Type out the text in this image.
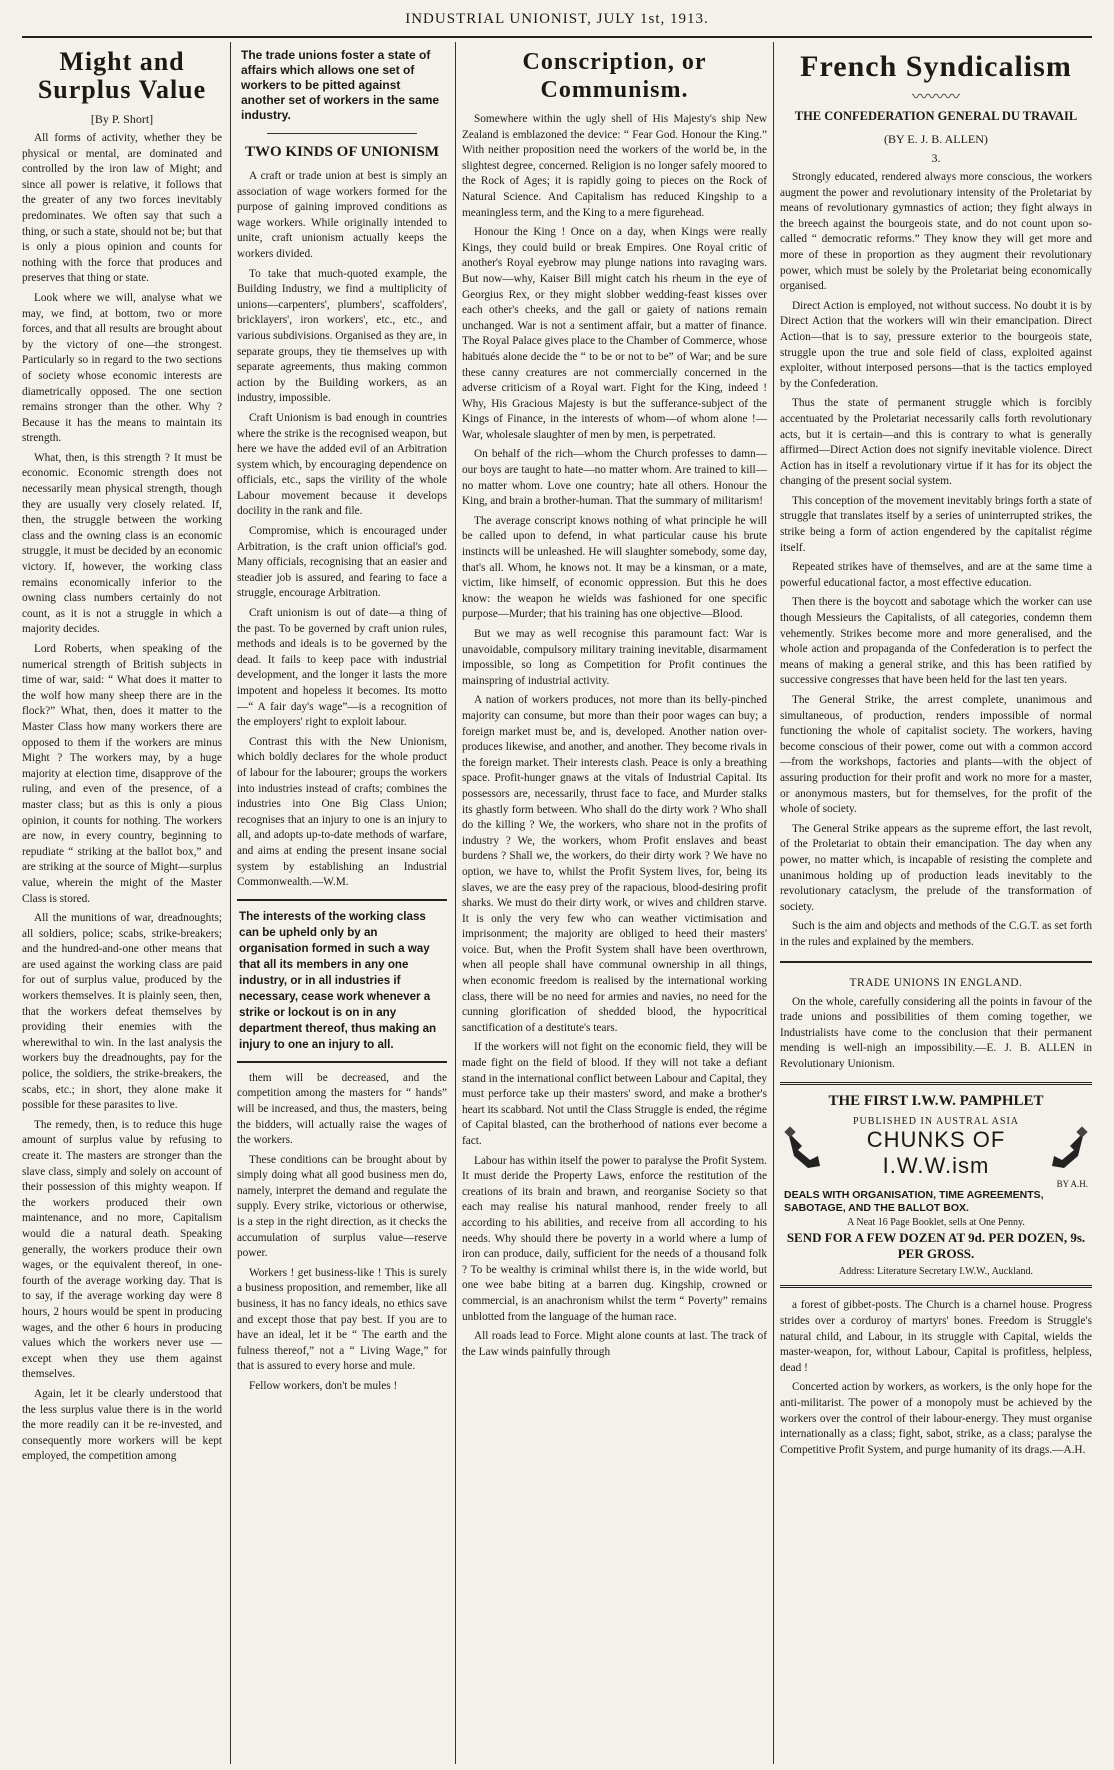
INDUSTRIAL UNIONIST, JULY 1st, 1913.
Might and Surplus Value
[By P. Short]

All forms of activity, whether they be physical or mental, are dominated and controlled by the iron law of Might; and since all power is relative, it follows that the greater of any two forces inevitably predominates. We often say that such a thing, or such a state, should not be; but that is only a pious opinion and counts for nothing with the force that produces and preserves that thing or state.

Look where we will, analyse what we may, we find, at bottom, two or more forces, and that all results are brought about by the victory of one—the strongest. Particularly so in regard to the two sections of society whose economic interests are diametrically opposed. The one section remains stronger than the other. Why ? Because it has the means to maintain its strength.

What, then, is this strength ? It must be economic. Economic strength does not necessarily mean physical strength, though they are usually very closely related. If, then, the struggle between the working class and the owning class is an economic struggle, it must be decided by an economic victory. If, however, the working class remains economically inferior to the owning class numbers certainly do not count, as it is not a struggle in which a majority decides.

Lord Roberts, when speaking of the numerical strength of British subjects in time of war, said: “ What does it matter to the wolf how many sheep there are in the flock?” What, then, does it matter to the Master Class how many workers there are opposed to them if the workers are minus Might ? The workers may, by a huge majority at election time, disapprove of the ruling, and even of the presence, of a master class; but as this is only a pious opinion, it counts for nothing. The workers are now, in every country, beginning to repudiate “ striking at the ballot box,” and are striking at the source of Might—surplus value, wherein the might of the Master Class is stored.

All the munitions of war, dreadnoughts; all soldiers, police; scabs, strike-breakers; and the hundred-and-one other means that are used against the working class are paid for out of surplus value, produced by the workers themselves. It is plainly seen, then, that the workers defeat themselves by providing their enemies with the wherewithal to win. In the last analysis the workers buy the dreadnoughts, pay for the police, the soldiers, the strike-breakers, the scabs, etc.; in short, they alone make it possible for these parasites to live.

The remedy, then, is to reduce this huge amount of surplus value by refusing to create it. The masters are stronger than the slave class, simply and solely on account of their possession of this mighty weapon. If the workers produced their own maintenance, and no more, Capitalism would die a natural death. Speaking generally, the workers produce their own wages, or the equivalent thereof, in one-fourth of the average working day. That is to say, if the average working day were 8 hours, 2 hours would be spent in producing wages, and the other 6 hours in producing values which the workers never use —except when they use them against themselves.

Again, let it be clearly understood that the less surplus value there is in the world the more readily can it be re-invested, and consequently more workers will be kept employed, the competition among

The trade unions foster a state of affairs which allows one set of workers to be pitted against another set of workers in the same industry.
TWO KINDS OF UNIONISM

A craft or trade union at best is simply an association of wage workers formed for the purpose of gaining improved conditions as wage workers. While originally intended to unite, craft unionism actually keeps the workers divided.

To take that much-quoted example, the Building Industry, we find a multiplicity of unions—carpenters', plumbers', scaffolders', bricklayers', iron workers', etc., etc., and various subdivisions. Organised as they are, in separate groups, they tie themselves up with separate agreements, thus making common action by the Building workers, as an industry, impossible.

Craft Unionism is bad enough in countries where the strike is the recognised weapon, but here we have the added evil of an Arbitration system which, by encouraging dependence on officials, etc., saps the virility of the whole Labour movement because it develops docility in the rank and file.

Compromise, which is encouraged under Arbitration, is the craft union official's god. Many officials, recognising that an easier and steadier job is assured, and fearing to face a struggle, encourage Arbitration.

Craft unionism is out of date—a thing of the past. To be governed by craft union rules, methods and ideals is to be governed by the dead. It fails to keep pace with industrial development, and the longer it lasts the more impotent and hopeless it becomes. Its motto—“ A fair day's wage”—is a recognition of the employers' right to exploit labour.

Contrast this with the New Unionism, which boldly declares for the whole product of labour for the labourer; groups the workers into industries instead of crafts; combines the industries into One Big Class Union; recognises that an injury to one is an injury to all, and adopts up-to-date methods of warfare, and aims at ending the present insane social system by establishing an Industrial Commonwealth.—W.M.

The interests of the working class can be upheld only by an organisation formed in such a way that all its members in any one industry, or in all industries if necessary, cease work whenever a strike or lockout is on in any department thereof, thus making an injury to one an injury to all.

them will be decreased, and the competition among the masters for “ hands” will be increased, and thus, the masters, being the bidders, will actually raise the wages of the workers.

These conditions can be brought about by simply doing what all good business men do, namely, interpret the demand and regulate the supply. Every strike, victorious or otherwise, is a step in the right direction, as it checks the accumulation of surplus value—reserve power.

Workers ! get business-like ! This is surely a business proposition, and remember, like all business, it has no fancy ideals, no ethics save and except those that pay best. If you are to have an ideal, let it be “ The earth and the fulness thereof,” not a “ Living Wage,” for that is assured to every horse and mule.

Fellow workers, don't be mules !

Conscription, or Communism.

Somewhere within the ugly shell of His Majesty's ship New Zealand is emblazoned the device: “ Fear God. Honour the King.” With neither proposition need the workers of the world be, in the slightest degree, concerned. Religion is no longer safely moored to the Rock of Ages; it is rapidly going to pieces on the Rock of Natural Science. And Capitalism has reduced Kingship to a meaningless term, and the King to a mere figurehead.

Honour the King ! Once on a day, when Kings were really Kings, they could build or break Empires. One Royal critic of another's Royal eyebrow may plunge nations into ravaging wars. But now—why, Kaiser Bill might catch his rheum in the eye of Georgius Rex, or they might slobber wedding-feast kisses over each other's cheeks, and the gall or gaiety of nations remain unchanged. War is not a sentiment affair, but a matter of finance. The Royal Palace gives place to the Chamber of Commerce, whose habitués alone decide the “ to be or not to be” of War; and be sure these canny creatures are not commercially concerned in the adverse criticism of a Royal wart. Fight for the King, indeed ! Why, His Gracious Majesty is but the sufferance-subject of the Kings of Finance, in the interests of whom—of whom alone !—War, wholesale slaughter of men by men, is perpetrated.

On behalf of the rich—whom the Church professes to damn—our boys are taught to hate—no matter whom. Are trained to kill—no matter whom. Love one country; hate all others. Honour the King, and brain a brother-human. That the summary of militarism!

The average conscript knows nothing of what principle he will be called upon to defend, in what particular cause his brute instincts will be unleashed. He will slaughter somebody, some day, that's all. Whom, he knows not. It may be a kinsman, or a mate, victim, like himself, of economic oppression. But this he does know: the weapon he wields was fashioned for one specific purpose—Murder; that his training has one objective—Blood.

But we may as well recognise this paramount fact: War is unavoidable, compulsory military training inevitable, disarmament impossible, so long as Competition for Profit continues the mainspring of industrial activity.

A nation of workers produces, not more than its belly-pinched majority can consume, but more than their poor wages can buy; a foreign market must be, and is, developed. Another nation over-produces likewise, and another, and another. They become rivals in the foreign market. Their interests clash. Peace is only a breathing space. Profit-hunger gnaws at the vitals of Industrial Capital. Its possessors are, necessarily, thrust face to face, and Murder stalks its ghastly form between. Who shall do the dirty work ? Who shall do the killing ? We, the workers, who share not in the profits of industry ? We, the workers, whom Profit enslaves and beast burdens ? Shall we, the workers, do their dirty work ? We have no option, we have to, whilst the Profit System lives, for, being its slaves, we are the easy prey of the rapacious, blood-desiring profit sharks. We must do their dirty work, or wives and children starve. It is only the very few who can weather victimisation and imprisonment; the majority are obliged to heed their masters' voice. But, when the Profit System shall have been overthrown, when all people shall have communal ownership in all things, when economic freedom is realised by the international working class, there will be no need for armies and navies, no need for the cunning glorification of shedded blood, the hypocritical sanctification of a destitute's tears.

If the workers will not fight on the economic field, they will be made fight on the field of blood. If they will not take a defiant stand in the international conflict between Labour and Capital, they must perforce take up their masters' sword, and make a brother's heart its scabbard. Not until the Class Struggle is ended, the régime of Capital blasted, can the brotherhood of nations ever become a fact.

Labour has within itself the power to paralyse the Profit System. It must deride the Property Laws, enforce the restitution of the creations of its brain and brawn, and reorganise Society so that each may realise his natural manhood, render freely to all according to his abilities, and receive from all according to his needs. Why should there be poverty in a world where a lump of iron can produce, daily, sufficient for the needs of a thousand folk ? To be wealthy is criminal whilst there is, in the wide world, but one wee babe biting at a barren dug. Kingship, crowned or commercial, is an anachronism whilst the term “ Poverty” remains unblotted from the language of the human race.

All roads lead to Force. Might alone counts at last. The track of the Law winds painfully through

French Syndicalism
〰〰〰
THE CONFEDERATION GENERAL DU TRAVAIL
(BY E. J. B. ALLEN)
3.

Strongly educated, rendered always more conscious, the workers augment the power and revolutionary intensity of the Proletariat by means of revolutionary gymnastics of action; they fight always in the breech against the bourgeois state, and do not count upon so-called “ democratic reforms.” They know they will get more and more of these in proportion as they augment their revolutionary power, which must be solely by the Proletariat being economically organised.

Direct Action is employed, not without success. No doubt it is by Direct Action that the workers will win their emancipation. Direct Action—that is to say, pressure exterior to the bourgeois state, struggle upon the true and sole field of class, exploited against exploiter, without interposed persons—that is the tactics employed by the Confederation.

Thus the state of permanent struggle which is forcibly accentuated by the Proletariat necessarily calls forth revolutionary acts, but it is certain—and this is contrary to what is generally affirmed—Direct Action does not signify inevitable violence. Direct Action has in itself a revolutionary virtue if it has for its object the changing of the present social system.

This conception of the movement inevitably brings forth a state of struggle that translates itself by a series of uninterrupted strikes, the strike being a form of action engendered by the capitalist régime itself.

Repeated strikes have of themselves, and are at the same time a powerful educational factor, a most effective education.

Then there is the boycott and sabotage which the worker can use though Messieurs the Capitalists, of all categories, condemn them vehemently. Strikes become more and more generalised, and the whole action and propaganda of the Confederation is to perfect the means of making a general strike, and this has been ratified by successive congresses that have been held for the last ten years.

The General Strike, the arrest complete, unanimous and simultaneous, of production, renders impossible of normal functioning the whole of capitalist society. The workers, having become conscious of their power, come out with a common accord—from the workshops, factories and plants—with the object of assuring production for their profit and work no more for a master, or anonymous masters, but for themselves, for the profit of the whole of society.

The General Strike appears as the supreme effort, the last revolt, of the Proletariat to obtain their emancipation. The day when any power, no matter which, is incapable of resisting the complete and unanimous holding up of production leads inevitably to the revolutionary cataclysm, the prelude of the transformation of society.

Such is the aim and objects and methods of the C.G.T. as set forth in the rules and explained by the members.

TRADE UNIONS IN ENGLAND.

On the whole, carefully considering all the points in favour of the trade unions and possibilities of them coming together, we Industrialists have come to the conclusion that their permanent mending is well-nigh an impossibility.—E. J. B. ALLEN in Revolutionary Unionism.

THE FIRST I.W.W. PAMPHLET
PUBLISHED IN AUSTRAL ASIA
CHUNKS OF I.W.W.ism
BY A.H.
DEALS WITH ORGANISATION, TIME AGREEMENTS, SABOTAGE, AND THE BALLOT BOX.
A Neat 16 Page Booklet, sells at One Penny.
SEND FOR A FEW DOZEN AT 9d. PER DOZEN, 9s. PER GROSS.
Address: Literature Secretary I.W.W., Auckland.

a forest of gibbet-posts. The Church is a charnel house. Progress strides over a corduroy of martyrs' bones. Freedom is Struggle's natural child, and Labour, in its struggle with Capital, wields the master-weapon, for, without Labour, Capital is profitless, helpless, dead !

Concerted action by workers, as workers, is the only hope for the anti-militarist. The power of a monopoly must be achieved by the workers over the control of their labour-energy. They must organise internationally as a class; fight, sabot, strike, as a class; paralyse the Competitive Profit System, and purge humanity of its drags.—A.H.
